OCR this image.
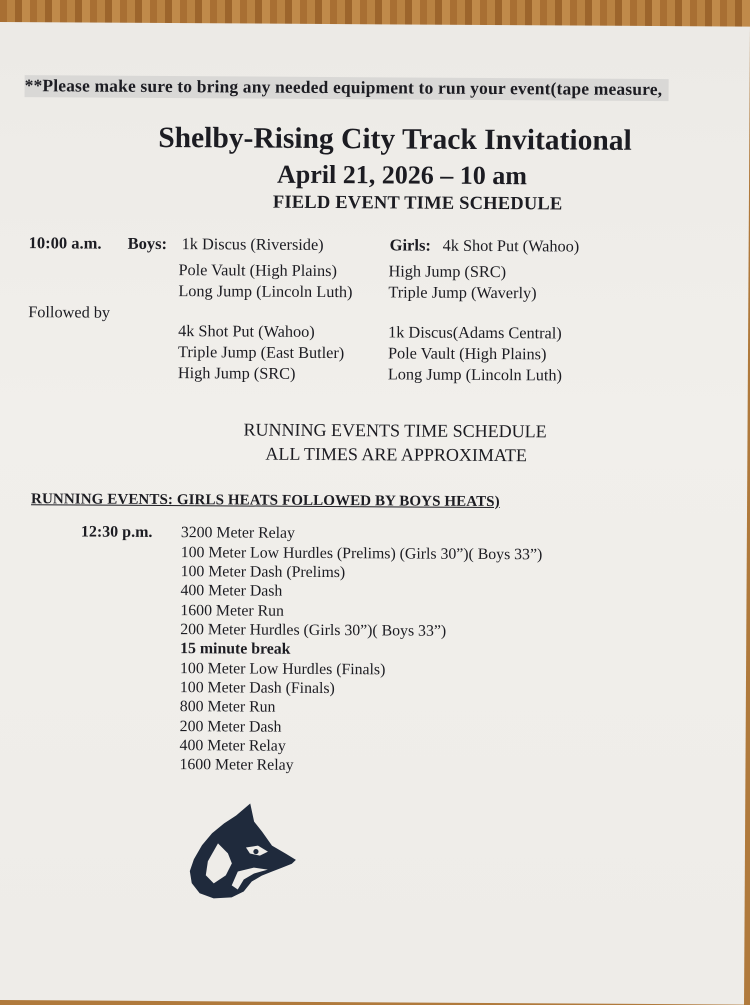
**Please make sure to bring any needed equipment to run your event(tape measure,
Shelby-Rising City Track Invitational
April 21, 2026 – 10 am
FIELD EVENT TIME SCHEDULE
10:00 a.m. Boys:	Girls:
1k Discus (Riverside)
Pole Vault (High Plains)
Long Jump (Lincoln Luth)
4k Shot Put (Wahoo)
High Jump (SRC)
Triple Jump (Waverly)
Followed by
4k Shot Put (Wahoo)
Triple Jump (East Butler)
High Jump (SRC)
1k Discus(Adams Central)
Pole Vault (High Plains)
Long Jump (Lincoln Luth)
RUNNING EVENTS TIME SCHEDULE
ALL TIMES ARE APPROXIMATE
RUNNING EVENTS: GIRLS HEATS FOLLOWED BY BOYS HEATS)
12:30 p.m. 3200 Meter Relay
100 Meter Low Hurdles (Prelims) (Girls 30”)( Boys 33”)
100 Meter Dash (Prelims)
400 Meter Dash
1600 Meter Run
200 Meter Hurdles (Girls 30”)( Boys 33”)
15 minute break
100 Meter Low Hurdles (Finals)
100 Meter Dash (Finals)
800 Meter Run
200 Meter Dash
400 Meter Relay
1600 Meter Relay
